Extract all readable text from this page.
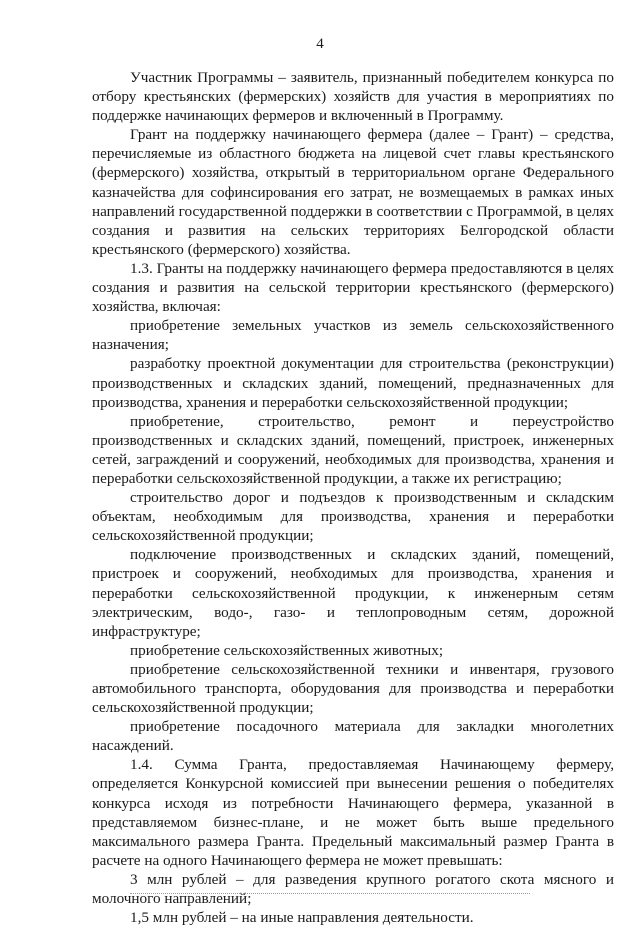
4

Участник Программы – заявитель, признанный победителем конкурса по отбору крестьянских (фермерских) хозяйств для участия в мероприятиях по поддержке начинающих фермеров и включенный в Программу.

Грант на поддержку начинающего фермера (далее – Грант) – средства, перечисляемые из областного бюджета на лицевой счет главы крестьянского (фермерского) хозяйства, открытый в территориальном органе Федерального казначейства для софинсирования его затрат, не возмещаемых в рамках иных направлений государственной поддержки в соответствии с Программой, в целях создания и развития на сельских территориях Белгородской области крестьянского (фермерского) хозяйства.

1.3. Гранты на поддержку начинающего фермера предоставляются в целях создания и развития на сельской территории крестьянского (фермерского) хозяйства, включая:

приобретение земельных участков из земель сельскохозяйственного назначения;

разработку проектной документации для строительства (реконструкции) производственных и складских зданий, помещений, предназначенных для производства, хранения и переработки сельскохозяйственной продукции;

приобретение, строительство, ремонт и переустройство производственных и складских зданий, помещений, пристроек, инженерных сетей, заграждений и сооружений, необходимых для производства, хранения и переработки сельскохозяйственной продукции, а также их регистрацию;

строительство дорог и подъездов к производственным и складским объектам, необходимым для производства, хранения и переработки сельскохозяйственной продукции;

подключение производственных и складских зданий, помещений, пристроек и сооружений, необходимых для производства, хранения и переработки сельскохозяйственной продукции, к инженерным сетям электрическим, водо-, газо- и теплопроводным сетям, дорожной инфраструктуре;

приобретение сельскохозяйственных животных;

приобретение сельскохозяйственной техники и инвентаря, грузового автомобильного транспорта, оборудования для производства и переработки сельскохозяйственной продукции;

приобретение посадочного материала для закладки многолетних насаждений.

1.4. Сумма Гранта, предоставляемая Начинающему фермеру, определяется Конкурсной комиссией при вынесении решения о победителях конкурса исходя из потребности Начинающего фермера, указанной в представляемом бизнес-плане, и не может быть выше предельного максимального размера Гранта. Предельный максимальный размер Гранта в расчете на одного Начинающего фермера не может превышать:

3 млн рублей – для разведения крупного рогатого скота мясного и молочного направлений;

1,5 млн рублей – на иные направления деятельности.
